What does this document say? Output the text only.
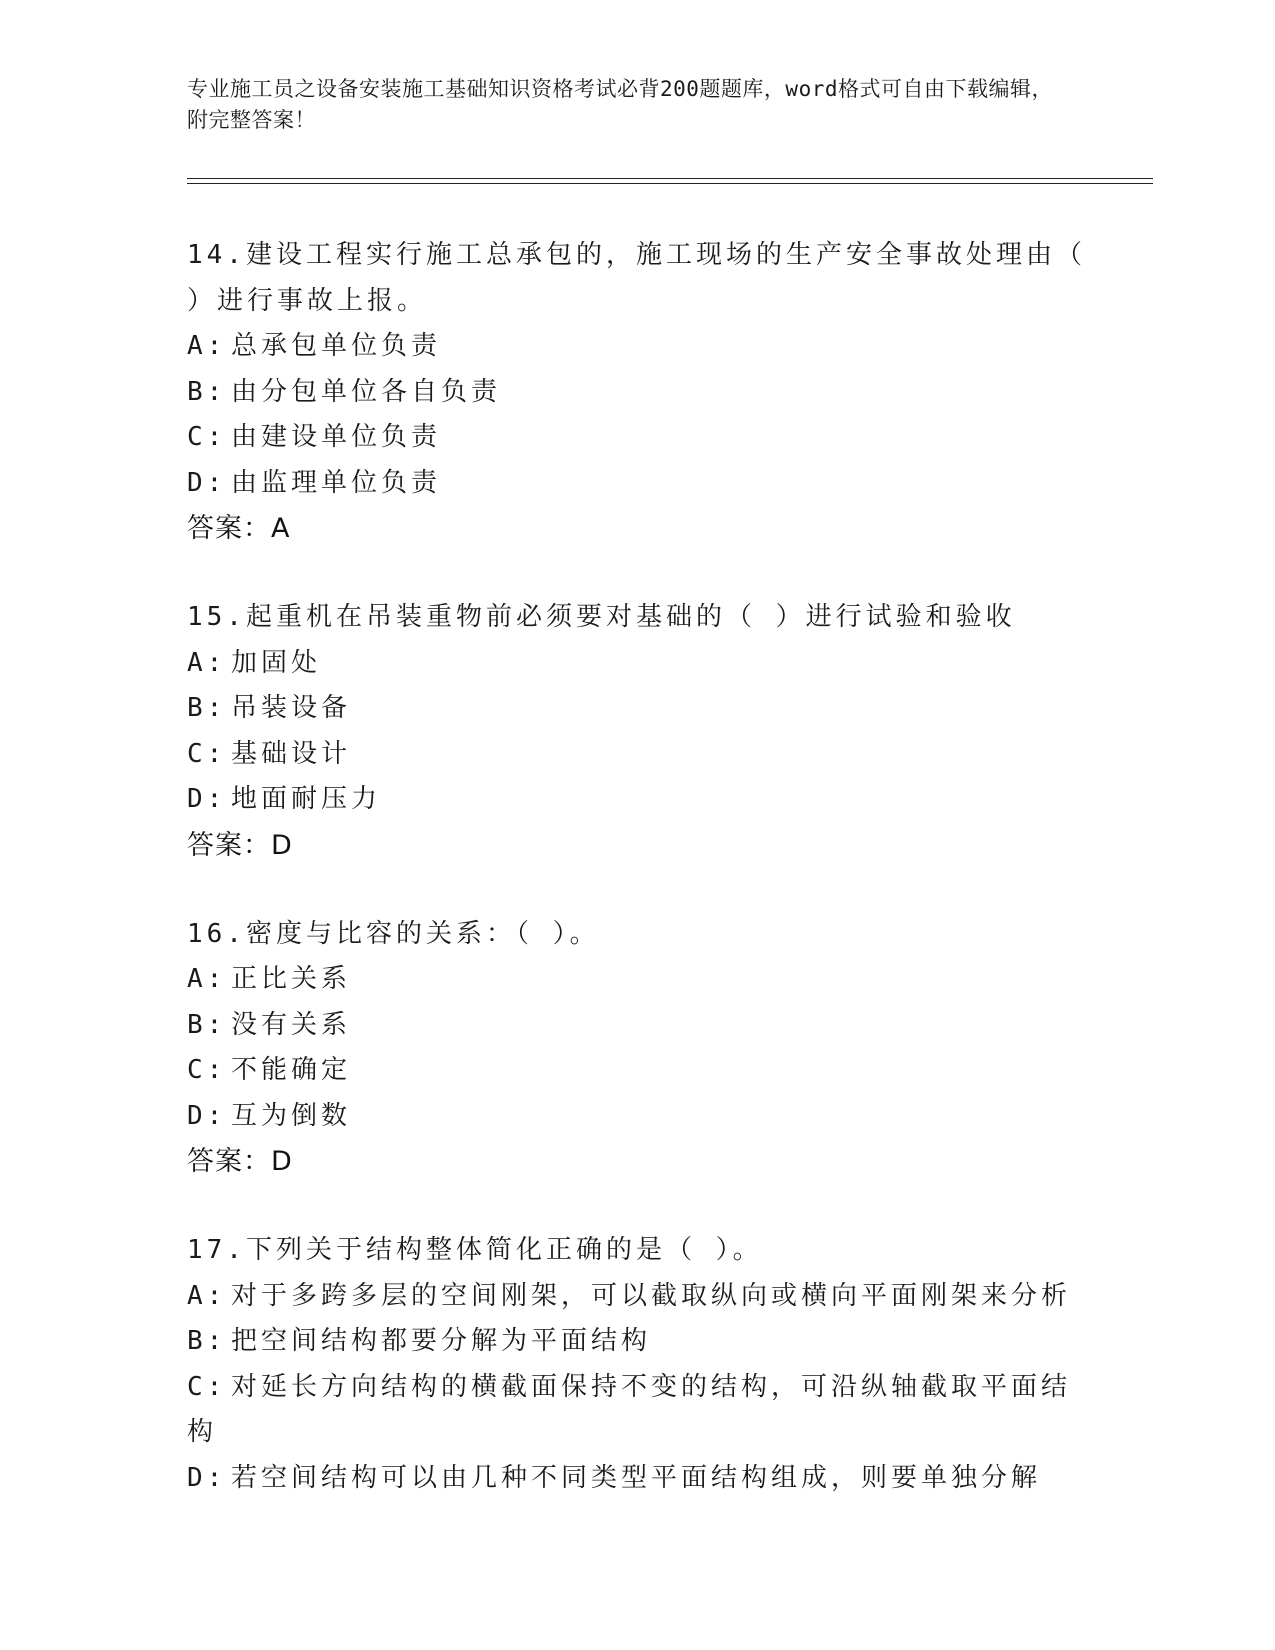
专业施工员之设备安装施工基础知识资格考试必背200题题库，word格式可自由下载编辑，附完整答案！
14.建设工程实行施工总承包的，施工现场的生产安全事故处理由（
）进行事故上报。
A: 总承包单位负责
B: 由分包单位各自负责
C: 由建设单位负责
D: 由监理单位负责
答案：A
15.起重机在吊装重物前必须要对基础的（ ）进行试验和验收
A: 加固处
B: 吊装设备
C: 基础设计
D: 地面耐压力
答案：D
16.密度与比容的关系：（ ）。
A: 正比关系
B: 没有关系
C: 不能确定
D: 互为倒数
答案：D
17.下列关于结构整体简化正确的是（ ）。
A: 对于多跨多层的空间刚架，可以截取纵向或横向平面刚架来分析
B: 把空间结构都要分解为平面结构
C: 对延长方向结构的横截面保持不变的结构，可沿纵轴截取平面结构
D: 若空间结构可以由几种不同类型平面结构组成，则要单独分解
